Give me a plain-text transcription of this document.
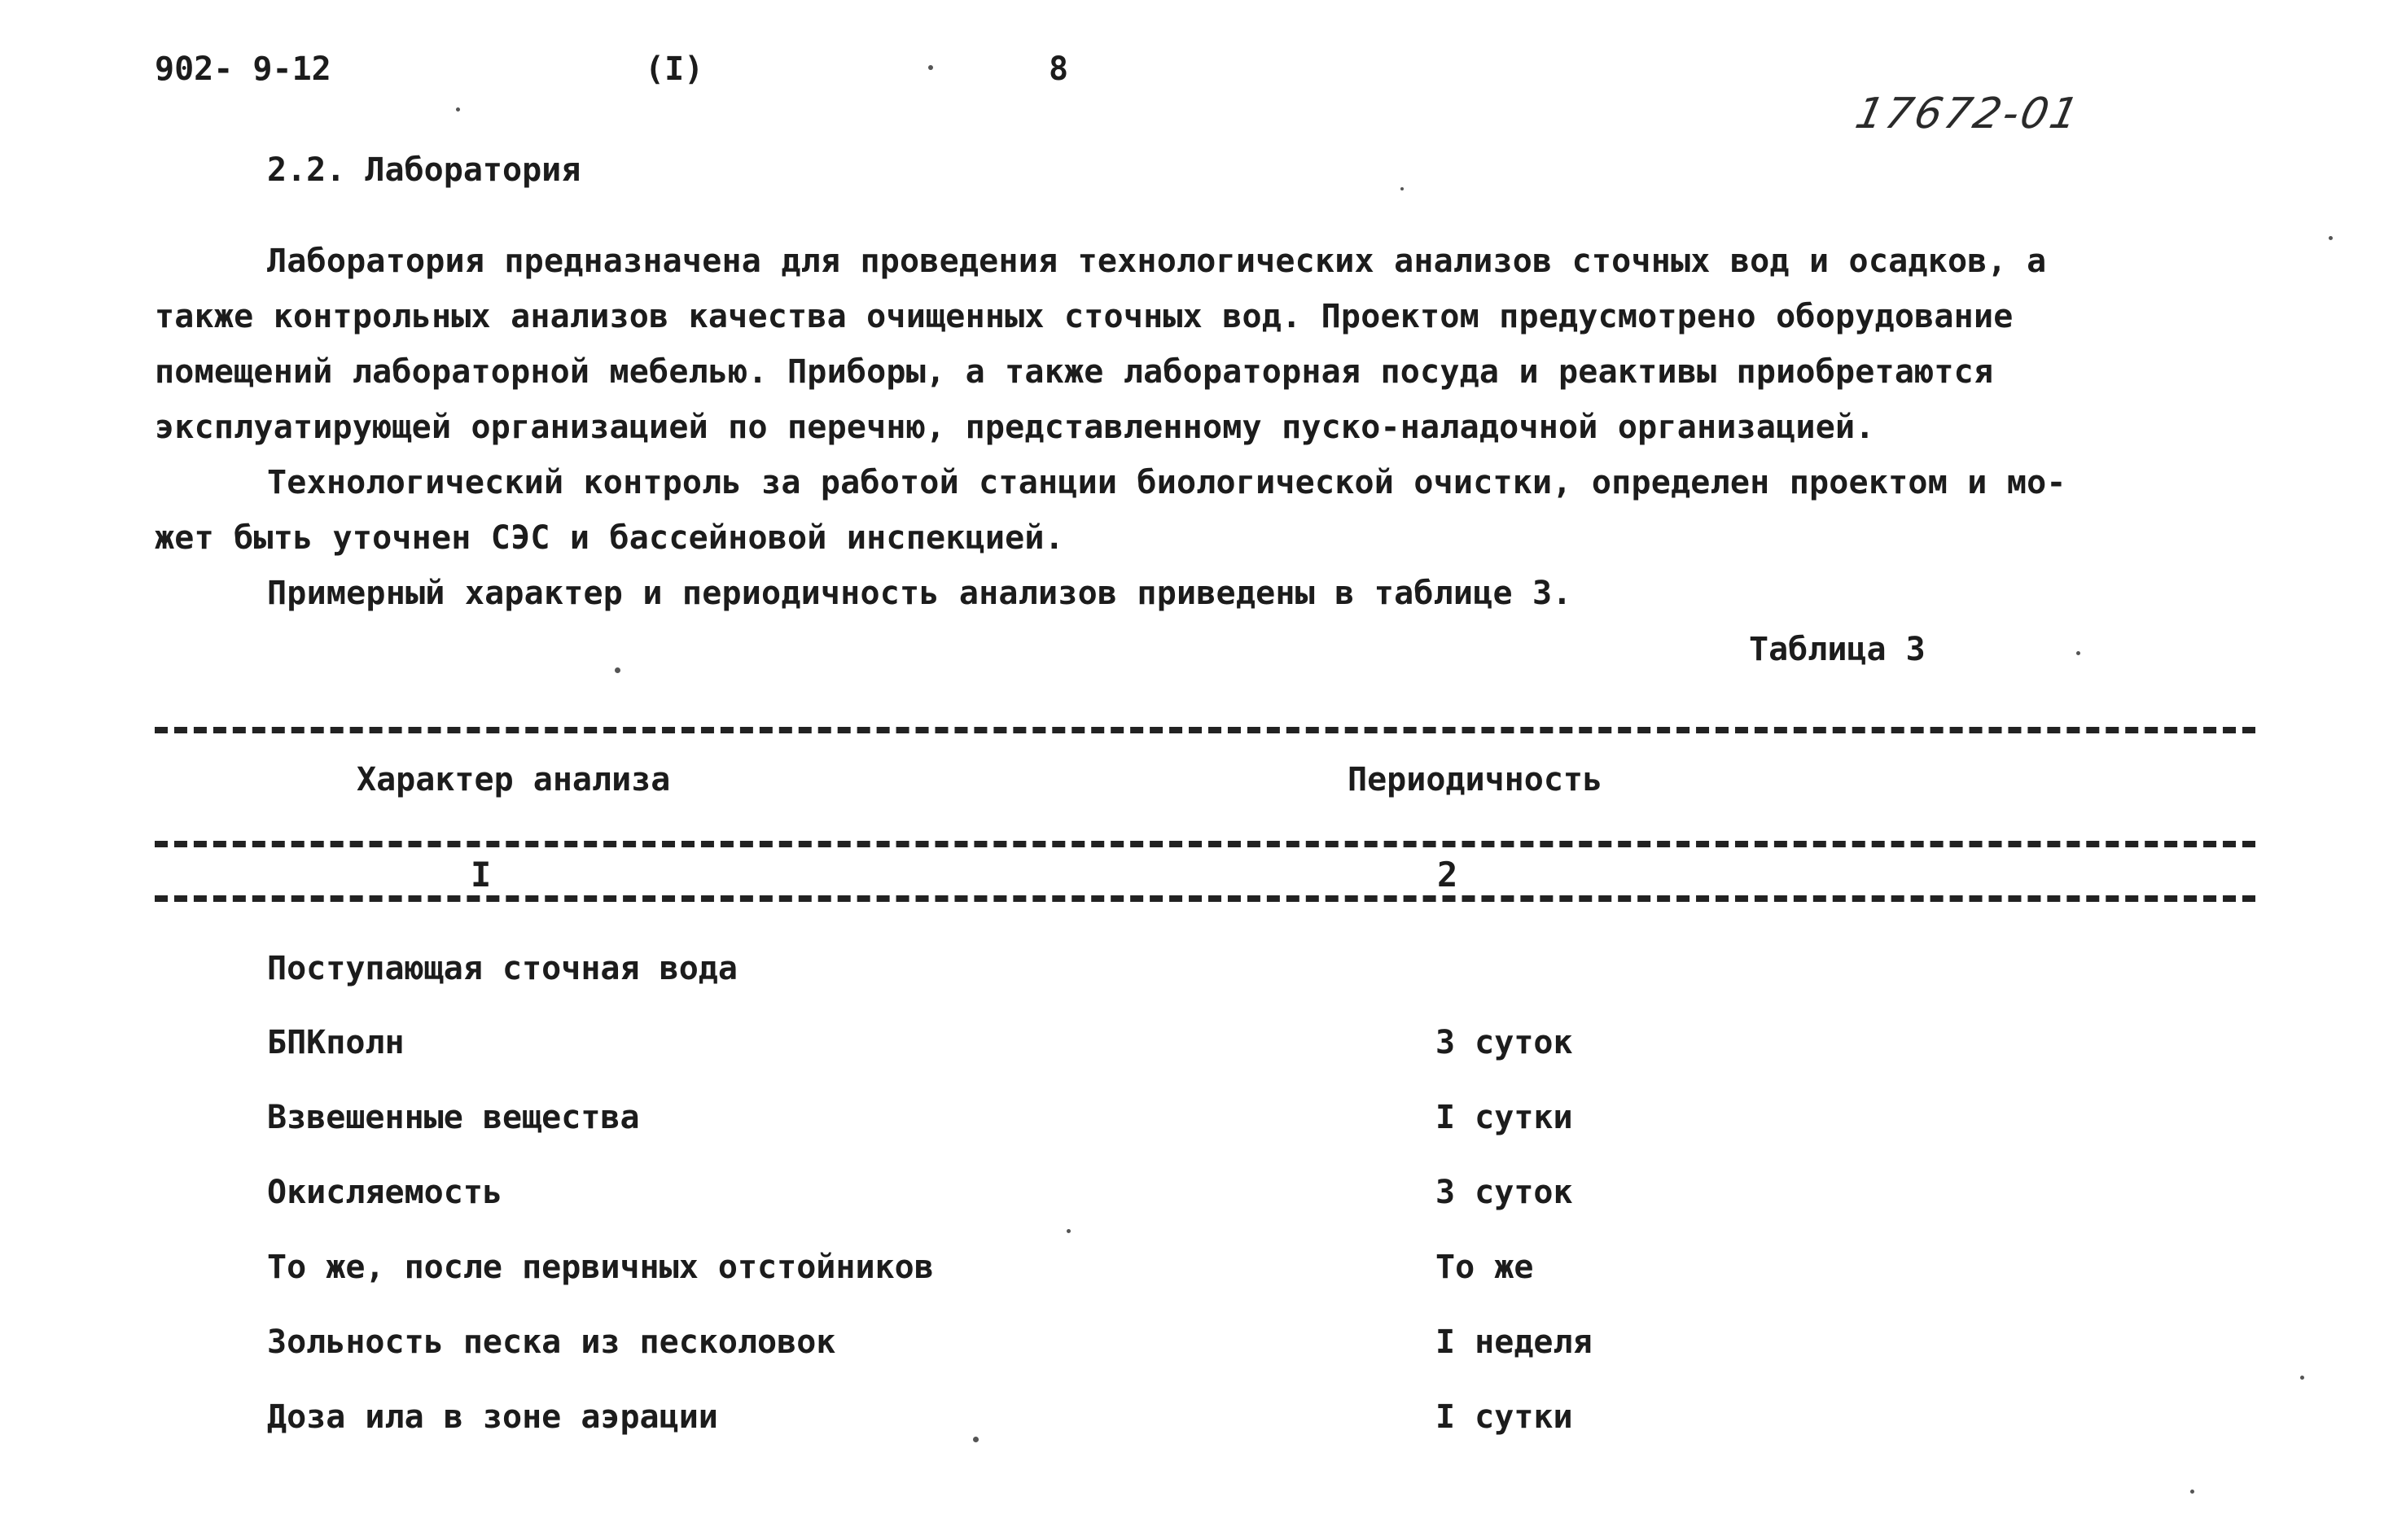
902- 9-12	(I)	8
17672-01
2.2. Лаборатория
Лаборатория предназначена для проведения технологических анализов сточных вод и осадков, а
также контрольных анализов качества очищенных сточных вод. Проектом предусмотрено оборудование
помещений лабораторной мебелью. Приборы, а также лабораторная посуда и реактивы приобретаются
эксплуатирующей организацией по перечню, представленному пуско-наладочной организацией.
Технологический контроль за работой станции биологической очистки, определен проектом и мо-
жет быть уточнен СЭС и бассейновой инспекцией.
Примерный характер и периодичность анализов приведены в таблице 3.
Таблица 3
Характер анализа	Периодичность
I	2
Поступающая сточная вода
БПКполн	3 суток
Взвешенные вещества	I сутки
Окисляемость	3 суток
То же, после первичных отстойников	То же
Зольность песка из песколовок	I неделя
Доза ила в зоне аэрации	I сутки
